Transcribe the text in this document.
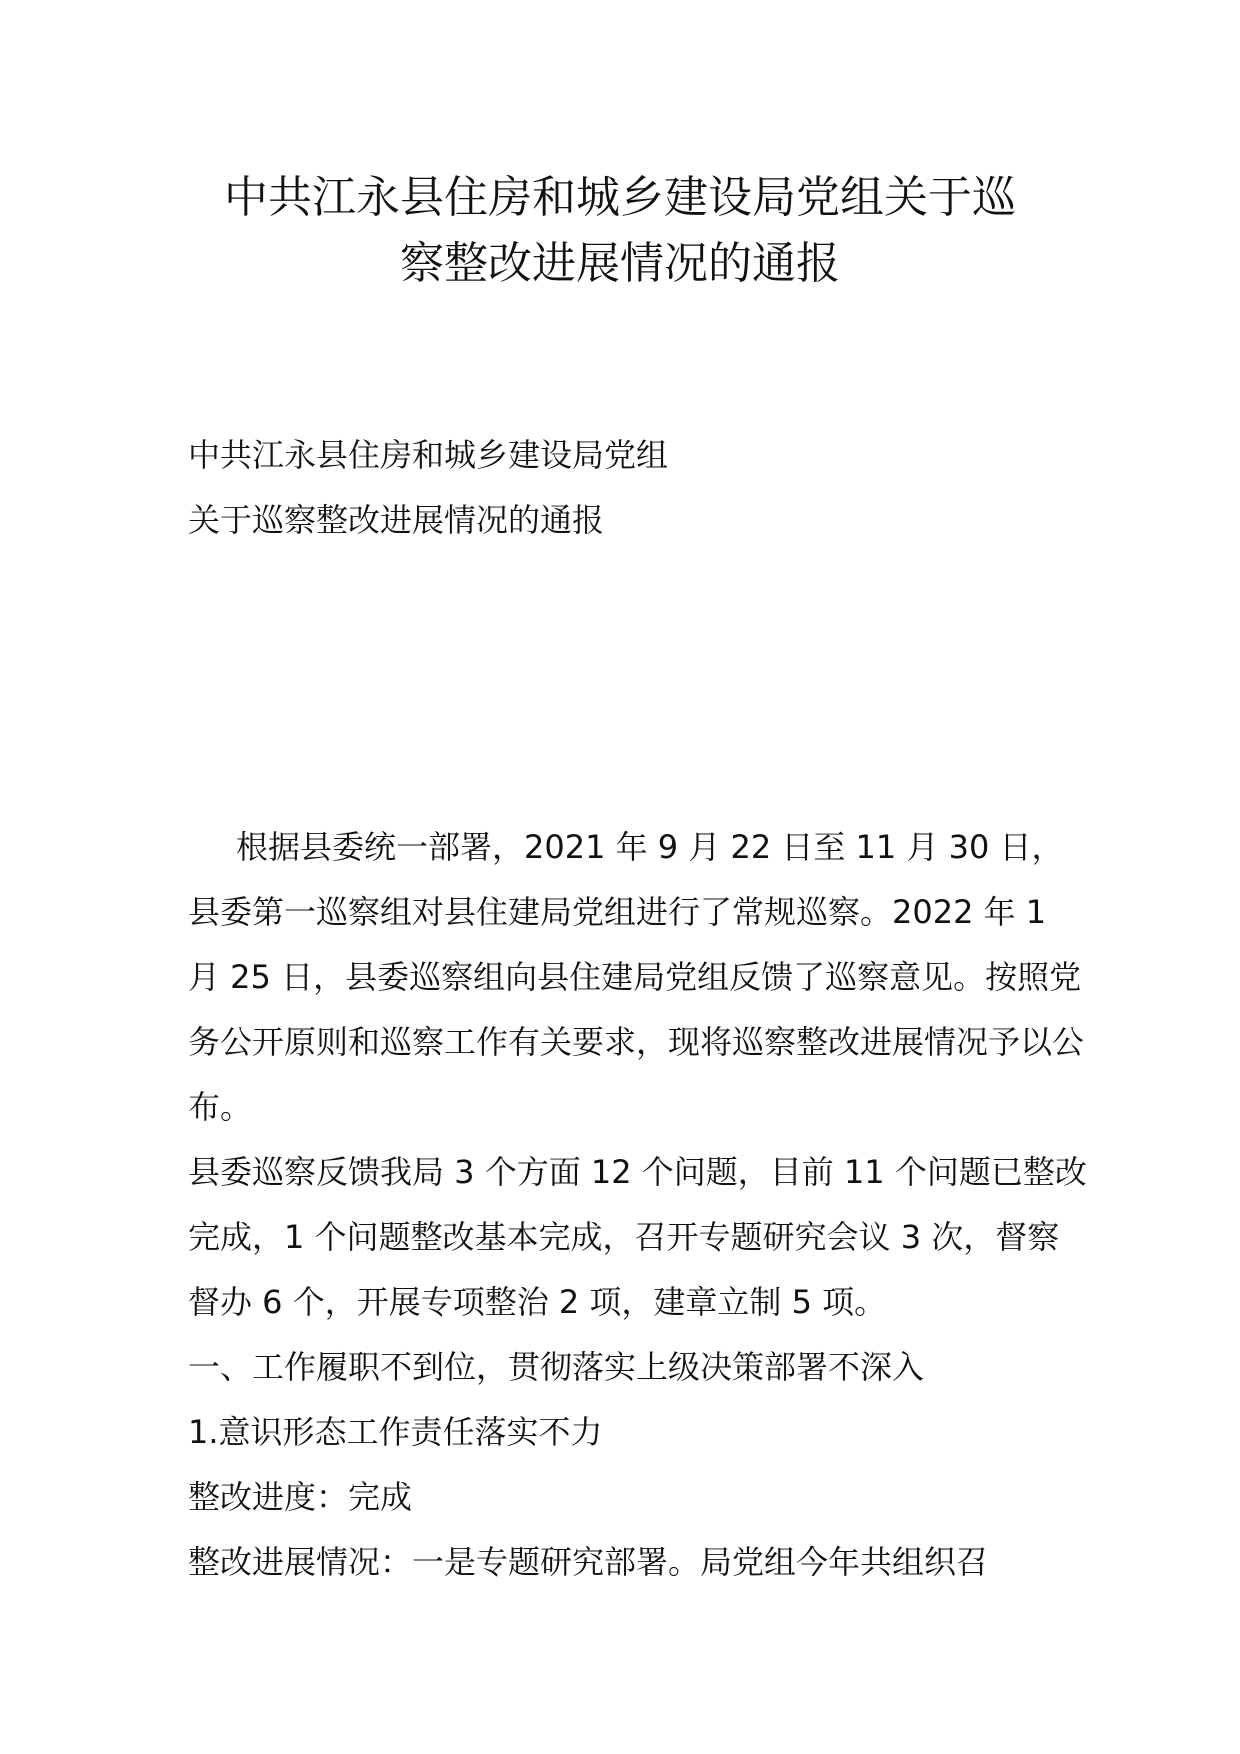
中共江永县住房和城乡建设局党组关于巡
察整改进展情况的通报

中共江永县住房和城乡建设局党组

关于巡察整改进展情况的通报

根据县委统一部署，2021 年 9 月 22 日至 11 月 30 日，县委第一巡察组对县住建局党组进行了常规巡察。2022 年 1 月 25 日，县委巡察组向县住建局党组反馈了巡察意见。按照党务公开原则和巡察工作有关要求，现将巡察整改进展情况予以公布。

县委巡察反馈我局 3 个方面 12 个问题，目前 11 个问题已整改完成，1 个问题整改基本完成，召开专题研究会议 3 次，督察督办 6 个，开展专项整治 2 项，建章立制 5 项。

一、工作履职不到位，贯彻落实上级决策部署不深入

1.意识形态工作责任落实不力

整改进度：完成

整改进展情况：一是专题研究部署。局党组今年共组织召
